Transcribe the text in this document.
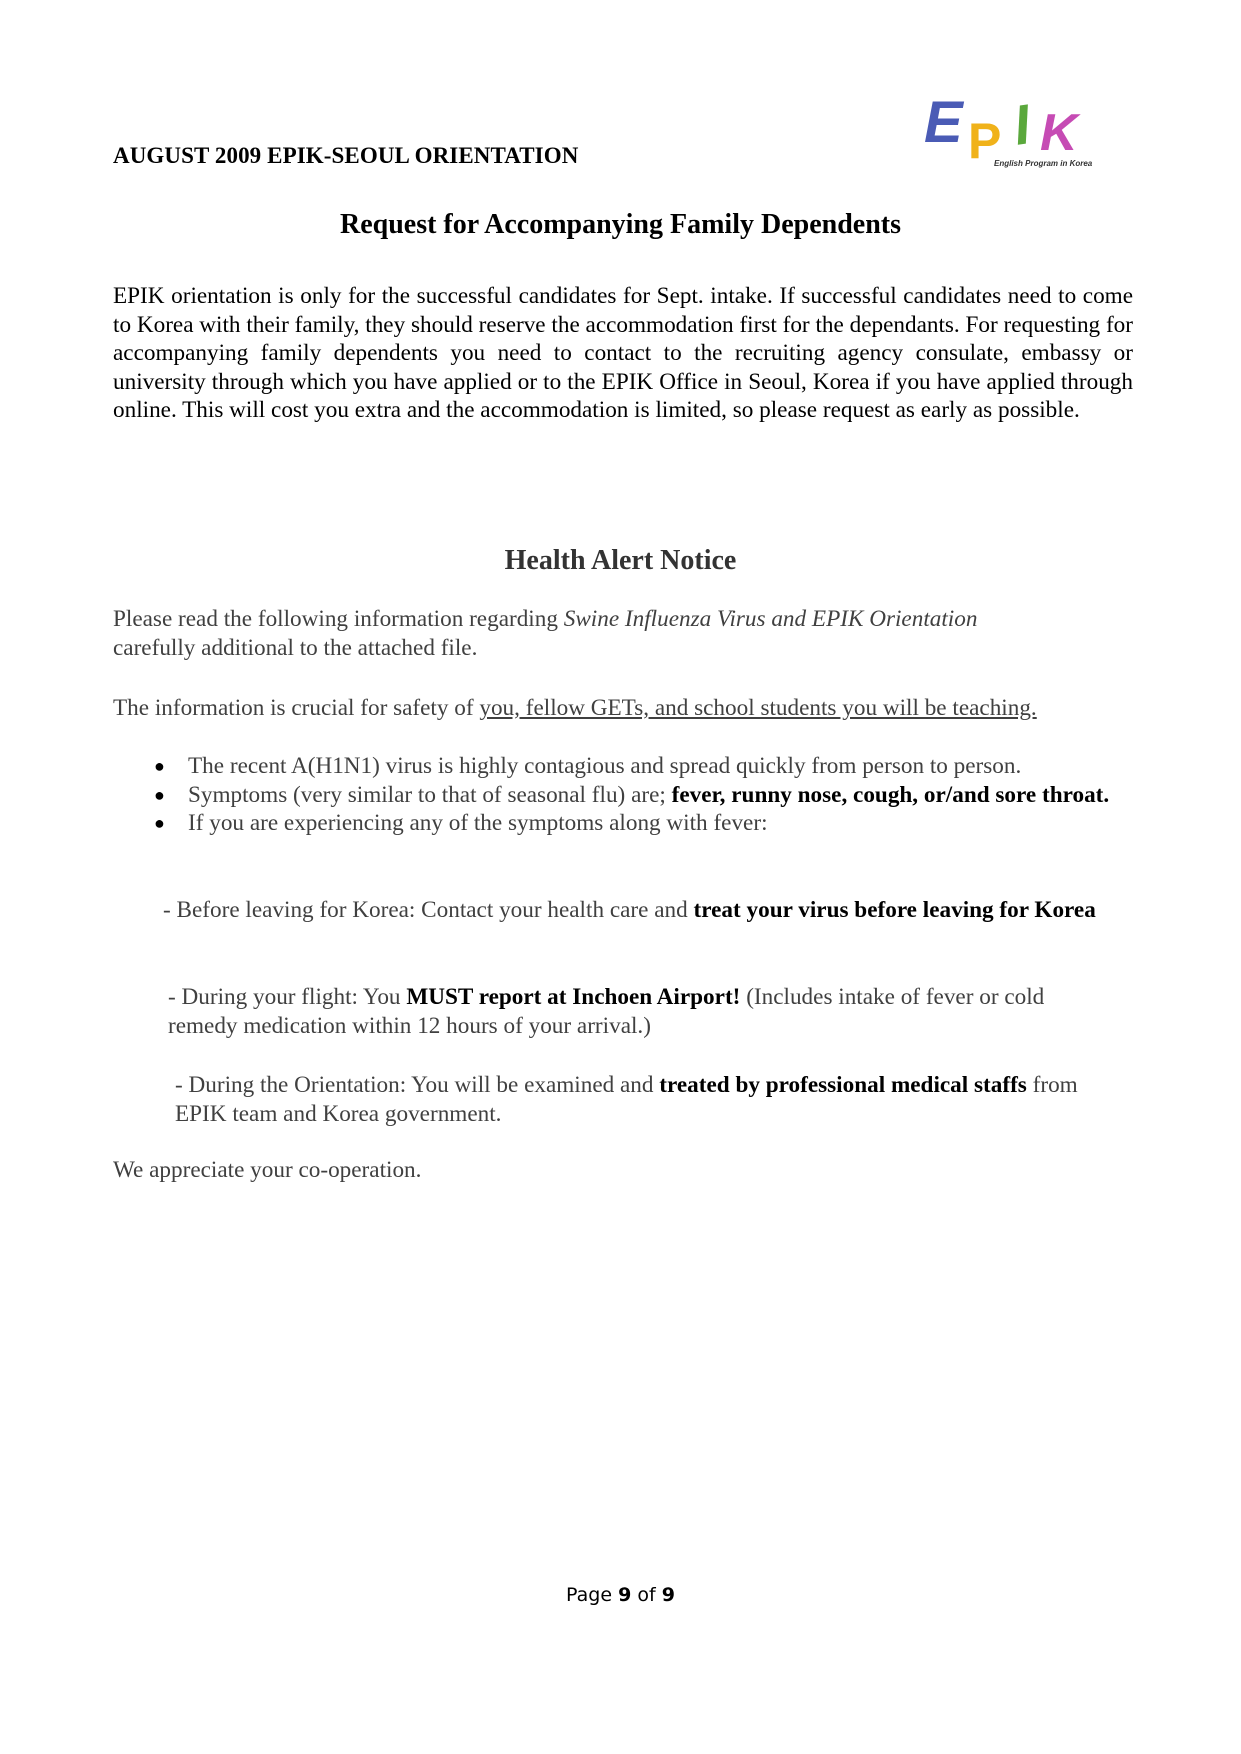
E P I K
English Program in Korea
AUGUST 2009 EPIK-SEOUL ORIENTATION
Request for Accompanying Family Dependents
EPIK orientation is only for the successful candidates for Sept. intake. If successful candidates need to come to Korea with their family, they should reserve the accommodation first for the dependants. For requesting for accompanying family dependents you need to contact to the recruiting agency consulate, embassy or university through which you have applied or to the EPIK Office in Seoul, Korea if you have applied through online. This will cost you extra and the accommodation is limited, so please request as early as possible.
Health Alert Notice
Please read the following information regarding Swine Influenza Virus and EPIK Orientation
carefully additional to the attached file.
The information is crucial for safety of you, fellow GETs, and school students you will be teaching.
● The recent A(H1N1) virus is highly contagious and spread quickly from person to person.
● Symptoms (very similar to that of seasonal flu) are; fever, runny nose, cough, or/and sore throat.
● If you are experiencing any of the symptoms along with fever:
- Before leaving for Korea: Contact your health care and treat your virus before leaving for Korea
- During your flight: You MUST report at Inchoen Airport! (Includes intake of fever or cold remedy medication within 12 hours of your arrival.)
- During the Orientation: You will be examined and treated by professional medical staffs from EPIK team and Korea government.
We appreciate your co-operation.
Page 9 of 9
